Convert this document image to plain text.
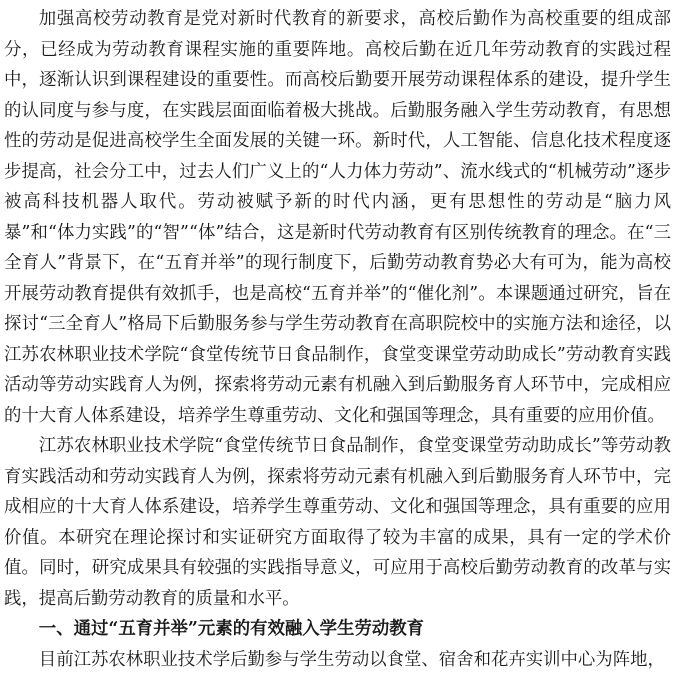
加强高校劳动教育是党对新时代教育的新要求，高校后勤作为高校重要的组成部分，已经成为劳动教育课程实施的重要阵地。高校后勤在近几年劳动教育的实践过程中，逐渐认识到课程建设的重要性。而高校后勤要开展劳动课程体系的建设，提升学生的认同度与参与度，在实践层面面临着极大挑战。后勤服务融入学生劳动教育，有思想性的劳动是促进高校学生全面发展的关键一环。新时代，人工智能、信息化技术程度逐步提高，社会分工中，过去人们广义上的“人力体力劳动”、流水线式的“机械劳动”逐步被高科技机器人取代。劳动被赋予新的时代内涵，更有思想性的劳动是“脑力风暴”和“体力实践”的“智”“体”结合，这是新时代劳动教育有区别传统教育的理念。在“三全育人”背景下，在“五育并举”的现行制度下，后勤劳动教育势必大有可为，能为高校开展劳动教育提供有效抓手，也是高校“五育并举”的“催化剂”。本课题通过研究，旨在探讨“三全育人”格局下后勤服务参与学生劳动教育在高职院校中的实施方法和途径，以江苏农林职业技术学院“食堂传统节日食品制作，食堂变课堂劳动助成长”劳动教育实践活动等劳动实践育人为例，探索将劳动元素有机融入到后勤服务育人环节中，完成相应的十大育人体系建设，培养学生尊重劳动、文化和强国等理念，具有重要的应用价值。

江苏农林职业技术学院“食堂传统节日食品制作，食堂变课堂劳动助成长”等劳动教育实践活动和劳动实践育人为例，探索将劳动元素有机融入到后勤服务育人环节中，完成相应的十大育人体系建设，培养学生尊重劳动、文化和强国等理念，具有重要的应用价值。本研究在理论探讨和实证研究方面取得了较为丰富的成果，具有一定的学术价值。同时，研究成果具有较强的实践指导意义，可应用于高校后勤劳动教育的改革与实践，提高后勤劳动教育的质量和水平。

一、通过“五育并举”元素的有效融入学生劳动教育

目前江苏农林职业技术学后勤参与学生劳动以食堂、宿舍和花卉实训中心为阵地，
